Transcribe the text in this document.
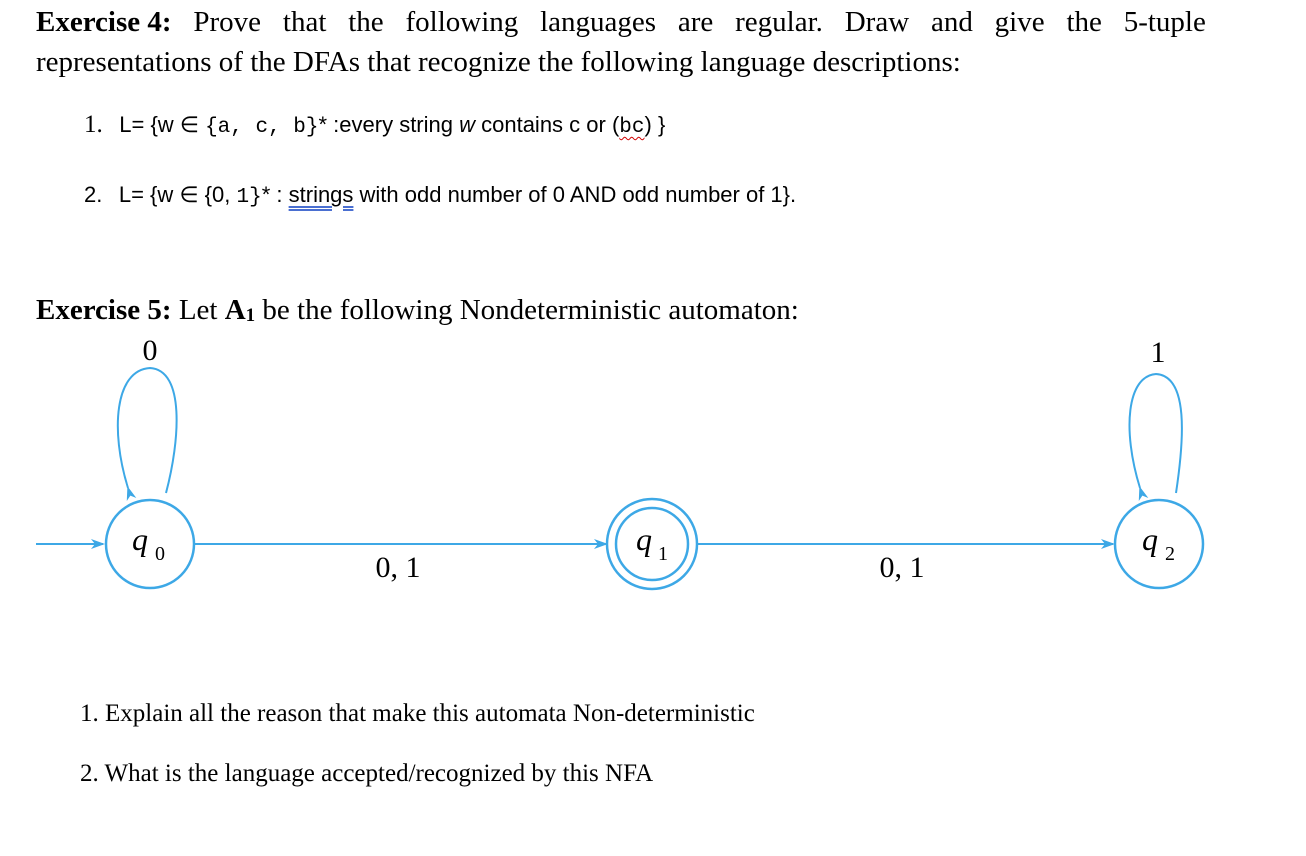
Exercise 4: Prove that the following languages are regular. Draw and give the 5-tuple
representations of the DFAs that recognize the following language descriptions:
1. L= {w ∈ {a, c, b}* :every string w contains c or (bc) }
2. L= {w ∈ {0, 1}* : strings with odd number of 0 AND odd number of 1}.
Exercise 5: Let $A_1$ be the following Nondeterministic automaton:
0	1
0, 1	0, 1
q 0	q 1	q 2
1. Explain all the reason that make this automata Non-deterministic
2. What is the language accepted/recognized by this NFA
